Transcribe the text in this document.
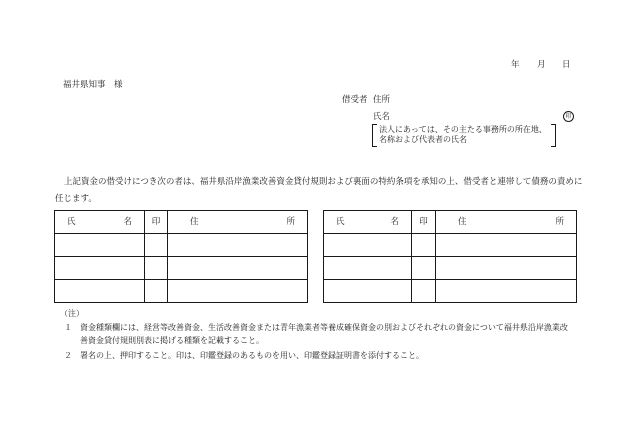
年 月 日
福井県知事　様
借受者 住所
氏名	印
法人にあっては、その主たる事務所の所在地、
名称および代表者の氏名
上記資金の借受けにつき次の者は、福井県沿岸漁業改善資金貸付規則および裏面の特約条項を承知の上、借受者と連帯して債務の責めに任じます。
氏 名	印	住 所

			氏 名	印	住 所

（注）
１ 資金種類欄には、経営等改善資金、生活改善資金または青年漁業者等養成確保資金の別およびそれぞれの資金について福井県沿岸漁業改
善資金貸付規則別表に掲げる種類を記載すること。
２ 署名の上、押印すること。印は、印鑑登録のあるものを用い、印鑑登録証明書を添付すること。
